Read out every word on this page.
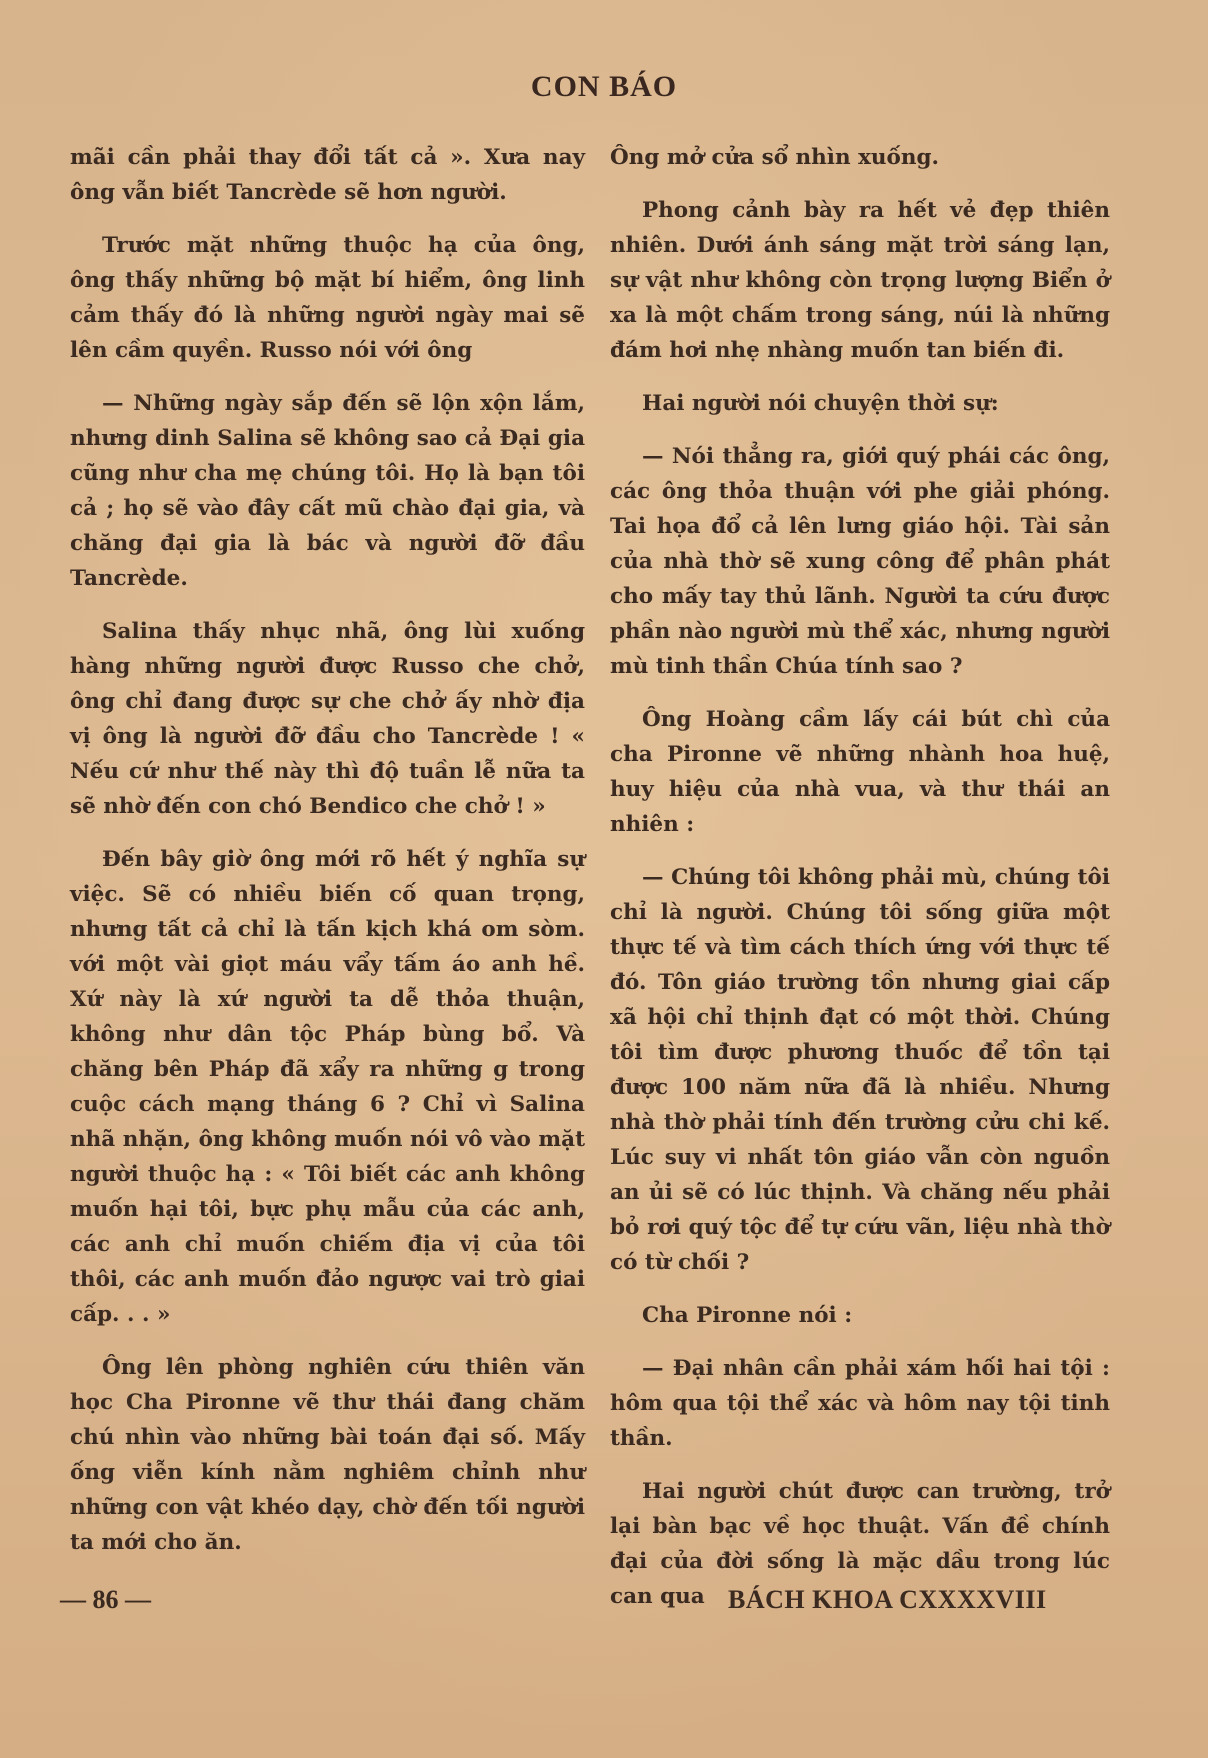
CON BÁO

mãi cần phải thay đổi tất cả ». Xưa nay ông vẫn biết Tancrède sẽ hơn người.

Trước mặt những thuộc hạ của ông, ông thấy những bộ mặt bí hiểm, ông linh cảm thấy đó là những người ngày mai sẽ lên cầm quyền. Russo nói với ông

— Những ngày sắp đến sẽ lộn xộn lắm, nhưng dinh Salina sẽ không sao cả Đại gia cũng như cha mẹ chúng tôi. Họ là bạn tôi cả ; họ sẽ vào đây cất mũ chào đại gia, và chăng đại gia là bác và người đỡ đầu Tancrède.

Salina thấy nhục nhã, ông lùi xuống hàng những người được Russo che chở, ông chỉ đang được sự che chở ấy nhờ địa vị ông là người đỡ đầu cho Tancrède ! « Nếu cứ như thế này thì độ tuần lễ nữa ta sẽ nhờ đến con chó Bendico che chở ! »

Đến bây giờ ông mới rõ hết ý nghĩa sự việc. Sẽ có nhiều biến cố quan trọng, nhưng tất cả chỉ là tấn kịch khá om sòm. với một vài giọt máu vẩy tấm áo anh hề. Xứ này là xứ người ta dễ thỏa thuận, không như dân tộc Pháp bùng bổ. Và chăng bên Pháp đã xẩy ra những g trong cuộc cách mạng tháng 6 ? Chỉ vì Salina nhã nhặn, ông không muốn nói vô vào mặt người thuộc hạ : « Tôi biết các anh không muốn hại tôi, bực phụ mẫu của các anh, các anh chỉ muốn chiếm địa vị của tôi thôi, các anh muốn đảo ngược vai trò giai cấp. . . »

Ông lên phòng nghiên cứu thiên văn học Cha Pironne vẽ thư thái đang chăm chú nhìn vào những bài toán đại số. Mấy ống viễn kính nằm nghiêm chỉnh như những con vật khéo dạy, chờ đến tối người ta mới cho ăn.

Ông mở cửa sổ nhìn xuống.

Phong cảnh bày ra hết vẻ đẹp thiên nhiên. Dưới ánh sáng mặt trời sáng lạn, sự vật như không còn trọng lượng Biển ở xa là một chấm trong sáng, núi là những đám hơi nhẹ nhàng muốn tan biến đi.

Hai người nói chuyện thời sự:

— Nói thẳng ra, giới quý phái các ông, các ông thỏa thuận với phe giải phóng. Tai họa đổ cả lên lưng giáo hội. Tài sản của nhà thờ sẽ xung công để phân phát cho mấy tay thủ lãnh. Người ta cứu được phần nào người mù thể xác, nhưng người mù tinh thần Chúa tính sao ?

Ông Hoàng cầm lấy cái bút chì của cha Pironne vẽ những nhành hoa huệ, huy hiệu của nhà vua, và thư thái an nhiên :

— Chúng tôi không phải mù, chúng tôi chỉ là người. Chúng tôi sống giữa một thực tế và tìm cách thích ứng với thực tế đó. Tôn giáo trường tồn nhưng giai cấp xã hội chỉ thịnh đạt có một thời. Chúng tôi tìm được phương thuốc để tồn tại được 100 năm nữa đã là nhiều. Nhưng nhà thờ phải tính đến trường cửu chi kế. Lúc suy vi nhất tôn giáo vẫn còn nguồn an ủi sẽ có lúc thịnh. Và chăng nếu phải bỏ rơi quý tộc để tự cứu vãn, liệu nhà thờ có từ chối ?

Cha Pironne nói :

— Đại nhân cần phải xám hối hai tội : hôm qua tội thể xác và hôm nay tội tinh thần.

Hai người chút được can trường, trở lại bàn bạc về học thuật. Vấn đề chính đại của đời sống là mặc dầu trong lúc can qua

— 86 —	BÁCH KHOA CXXXXVIII
